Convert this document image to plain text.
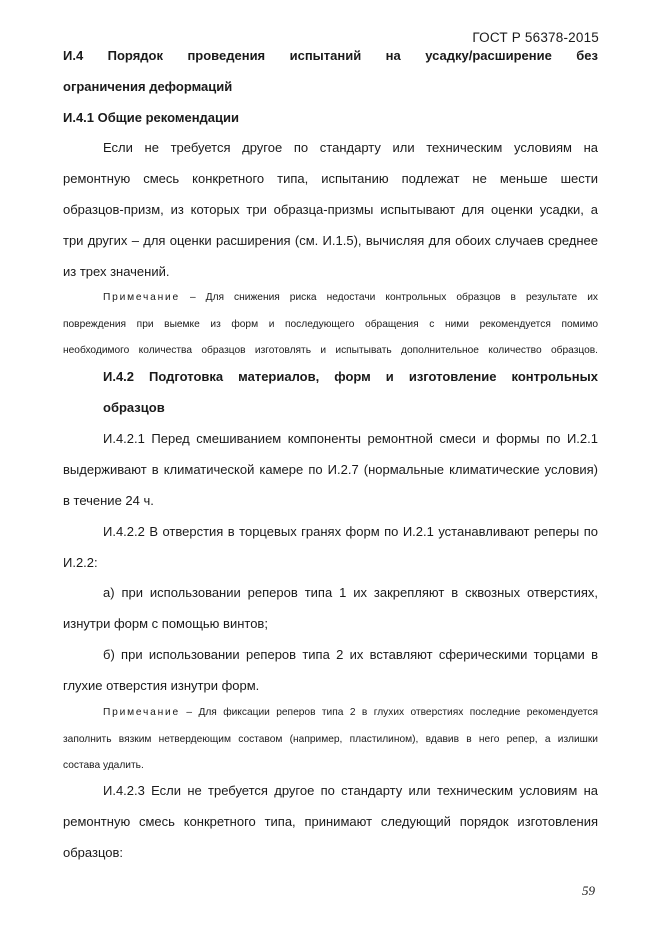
ГОСТ Р 56378-2015
И.4 Порядок проведения испытаний на усадку/расширение без
ограничения деформаций
И.4.1 Общие рекомендации
Если не требуется другое по стандарту или техническим условиям на
ремонтную смесь конкретного типа, испытанию подлежат не меньше шести
образцов-призм, из которых три образца-призмы испытывают для оценки усадки, а
три других – для оценки расширения (см. И.1.5), вычисляя для обоих случаев среднее
из трех значений.
Примечание – Для снижения риска недостачи контрольных образцов в результате их
повреждения при выемке из форм и последующего обращения с ними рекомендуется помимо
необходимого количества образцов изготовлять и испытывать дополнительное количество образцов.
И.4.2 Подготовка материалов, форм и изготовление контрольных
образцов
И.4.2.1 Перед смешиванием компоненты ремонтной смеси и формы по И.2.1
выдерживают в климатической камере по И.2.7 (нормальные климатические условия)
в течение 24 ч.
И.4.2.2 В отверстия в торцевых гранях форм по И.2.1 устанавливают реперы по
И.2.2:
а) при использовании реперов типа 1 их закрепляют в сквозных отверстиях,
изнутри форм с помощью винтов;
б) при использовании реперов типа 2 их вставляют сферическими торцами в
глухие отверстия изнутри форм.
Примечание – Для фиксации реперов типа 2 в глухих отверстиях последние рекомендуется
заполнить вязким нетвердеющим составом (например, пластилином), вдавив в него репер, а излишки
состава удалить.
И.4.2.3 Если не требуется другое по стандарту или техническим условиям на
ремонтную смесь конкретного типа, принимают следующий порядок изготовления
образцов:
59
